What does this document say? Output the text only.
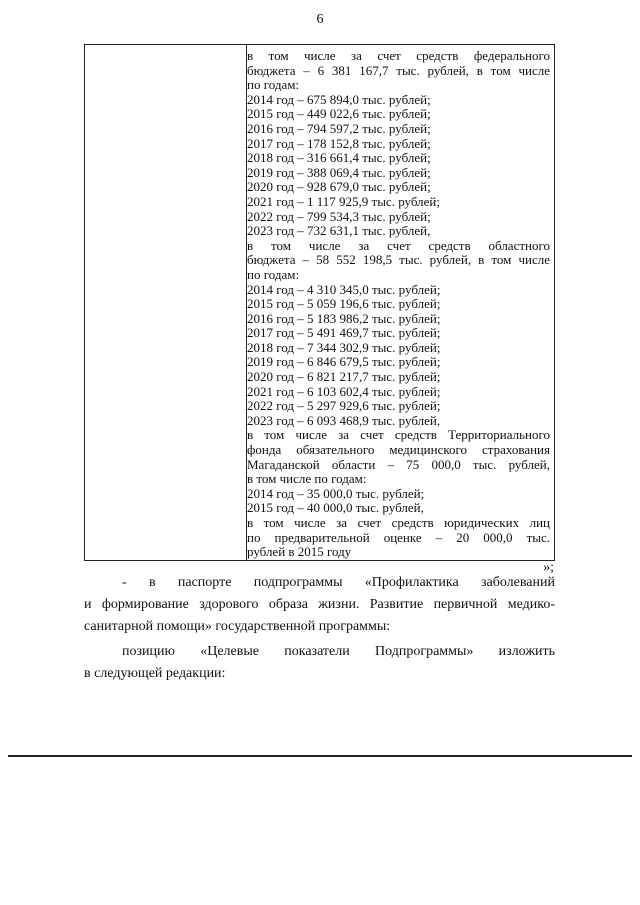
6
в том числе за счет средств федерального
бюджета – 6 381 167,7 тыс. рублей, в том числе
по годам:
2014 год – 675 894,0 тыс. рублей;
2015 год – 449 022,6 тыс. рублей;
2016 год – 794 597,2 тыс. рублей;
2017 год – 178 152,8 тыс. рублей;
2018 год – 316 661,4 тыс. рублей;
2019 год – 388 069,4 тыс. рублей;
2020 год – 928 679,0 тыс. рублей;
2021 год – 1 117 925,9 тыс. рублей;
2022 год – 799 534,3 тыс. рублей;
2023 год – 732 631,1 тыс. рублей,
в том числе за счет средств областного
бюджета – 58 552 198,5 тыс. рублей, в том числе
по годам:
2014 год – 4 310 345,0 тыс. рублей;
2015 год – 5 059 196,6 тыс. рублей;
2016 год – 5 183 986,2 тыс. рублей;
2017 год – 5 491 469,7 тыс. рублей;
2018 год – 7 344 302,9 тыс. рублей;
2019 год – 6 846 679,5 тыс. рублей;
2020 год – 6 821 217,7 тыс. рублей;
2021 год – 6 103 602,4 тыс. рублей;
2022 год – 5 297 929,6 тыс. рублей;
2023 год – 6 093 468,9 тыс. рублей,
в том числе за счет средств Территориального
фонда обязательного медицинского страхования
Магаданской области – 75 000,0 тыс. рублей,
в том числе по годам:
2014 год – 35 000,0 тыс. рублей;
2015 год – 40 000,0 тыс. рублей,
в том числе за счет средств юридических лиц
по предварительной оценке – 20 000,0 тыс.
рублей в 2015 году
»;
- в паспорте подпрограммы «Профилактика заболеваний
и формирование здорового образа жизни. Развитие первичной медико-
санитарной помощи» государственной программы:
позицию «Целевые показатели Подпрограммы» изложить
в следующей редакции:
